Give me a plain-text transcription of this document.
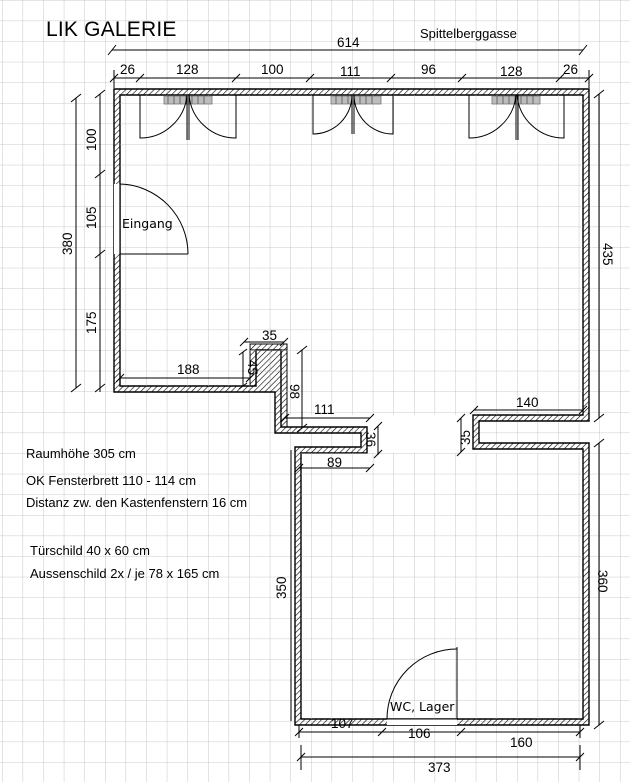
Eingang
WC, Lager
614
26	128	100	111	96	128	26
380
100
105
175
435
188
35
45
98
111
36
89
140
35
350	360
107
106
160
373
LIK GALERIE	Spittelberggasse
Raumhöhe 305 cm
OK Fensterbrett 110 - 114 cm
Distanz zw. den Kastenfenstern 16 cm
Türschild 40 x 60 cm
Aussenschild 2x / je 78 x 165 cm
